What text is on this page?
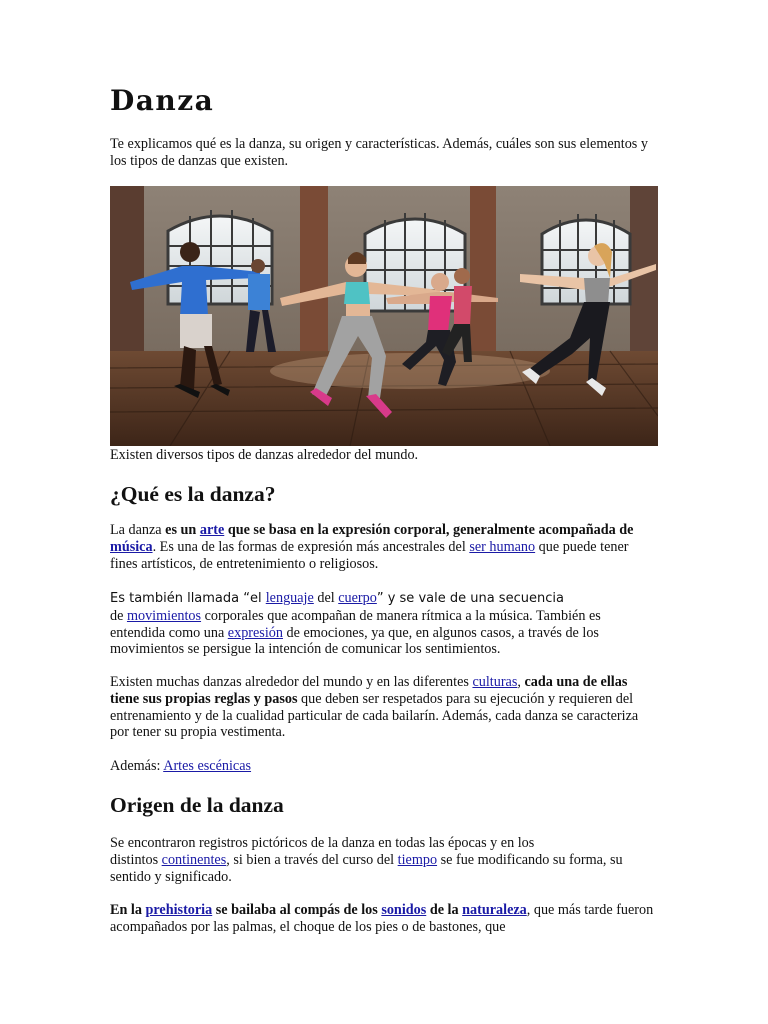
Danza

Te explicamos qué es la danza, su origen y características. Además, cuáles son sus elementos y los tipos de danzas que existen.

Existen diversos tipos de danzas alrededor del mundo.

¿Qué es la danza?

La danza es un arte que se basa en la expresión corporal, generalmente acompañada de música. Es una de las formas de expresión más ancestrales del ser humano que puede tener fines artísticos, de entretenimiento o religiosos.

Es también llamada “el lenguaje del cuerpo” y se vale de una secuencia
de movimientos corporales que acompañan de manera rítmica a la música. También es entendida como una expresión de emociones, ya que, en algunos casos, a través de los movimientos se persigue la intención de comunicar los sentimientos.

Existen muchas danzas alrededor del mundo y en las diferentes culturas, cada una de ellas tiene sus propias reglas y pasos que deben ser respetados para su ejecución y requieren del entrenamiento y de la cualidad particular de cada bailarín. Además, cada danza se caracteriza por tener su propia vestimenta.

Además: Artes escénicas

Origen de la danza

Se encontraron registros pictóricos de la danza en todas las épocas y en los
distintos continentes, si bien a través del curso del tiempo se fue modificando su forma, su sentido y significado.

En la prehistoria se bailaba al compás de los sonidos de la naturaleza, que más tarde fueron acompañados por las palmas, el choque de los pies o de bastones, que
